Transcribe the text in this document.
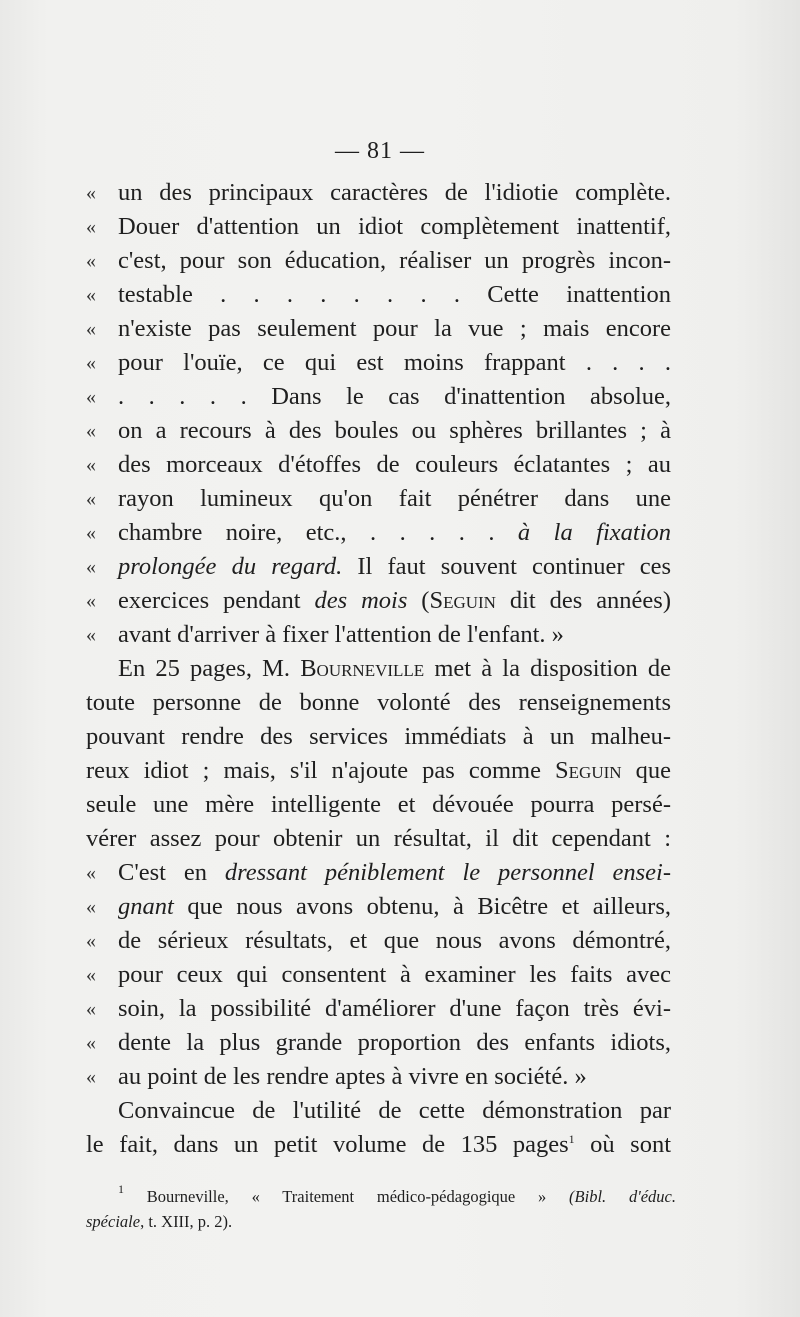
— 81 —
«
«
«
«
«
«
«
«
«
«
«
«
«
«
«
«
«
«
«
«
«
un des principaux caractères de l'idiotie complète.
Douer d'attention un idiot complètement inattentif,
c'est, pour son éducation, réaliser un progrès incon-
testable . . . . . . . . Cette inattention
n'existe pas seulement pour la vue ; mais encore
pour l'ouïe, ce qui est moins frappant . . . .
. . . . . Dans le cas d'inattention absolue,
on a recours à des boules ou sphères brillantes ; à
des morceaux d'étoffes de couleurs éclatantes ; au
rayon lumineux qu'on fait pénétrer dans une
chambre noire, etc., . . . . . à la fixation
prolongée du regard. Il faut souvent continuer ces
exercices pendant des mois (Seguin dit des années)
avant d'arriver à fixer l'attention de l'enfant. »
En 25 pages, M. Bourneville met à la disposition de
toute personne de bonne volonté des renseignements
pouvant rendre des services immédiats à un malheu-
reux idiot ; mais, s'il n'ajoute pas comme Seguin que
seule une mère intelligente et dévouée pourra persé-
vérer assez pour obtenir un résultat, il dit cependant :
C'est en dressant péniblement le personnel ensei-
gnant que nous avons obtenu, à Bicêtre et ailleurs,
de sérieux résultats, et que nous avons démontré,
pour ceux qui consentent à examiner les faits avec
soin, la possibilité d'améliorer d'une façon très évi-
dente la plus grande proportion des enfants idiots,
au point de les rendre aptes à vivre en société. »
Convaincue de l'utilité de cette démonstration par
le fait, dans un petit volume de 135 pages$^1$ où sont
$^1$ Bourneville, « Traitement médico-pédagogique » (Bibl. d'éduc.
spéciale, t. XIII, p. 2).
